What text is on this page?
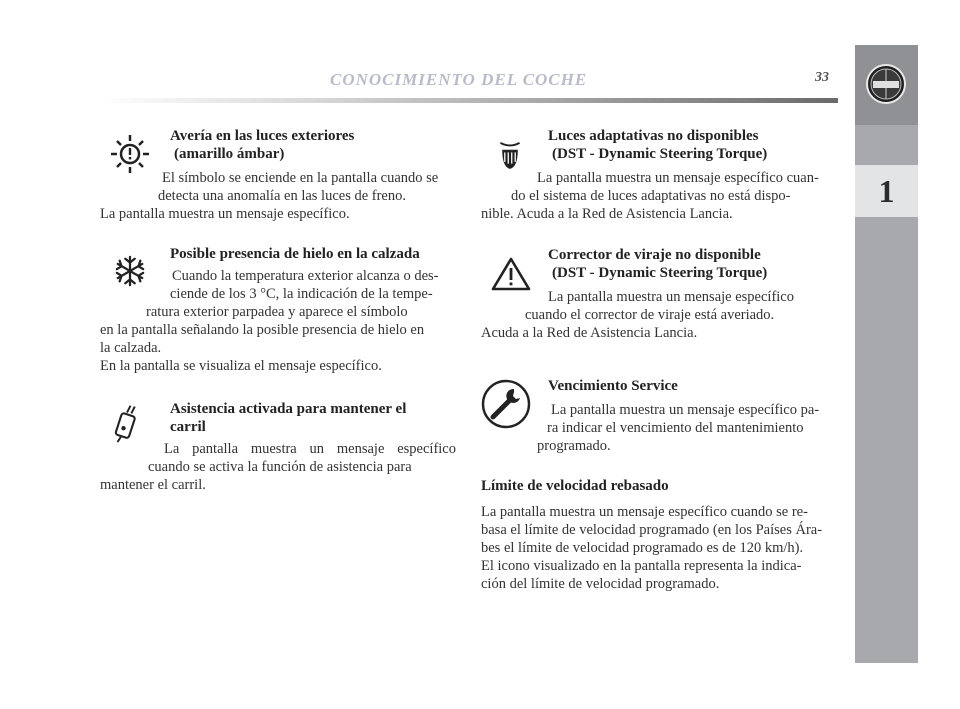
CONOCIMIENTO DEL COCHE	33
1
Avería en las luces exteriores
(amarillo ámbar)
El símbolo se enciende en la pantalla cuando se
detecta una anomalía en las luces de freno.
La pantalla muestra un mensaje específico.
Posible presencia de hielo en la calzada
Cuando la temperatura exterior alcanza o des-
ciende de los 3 °C, la indicación de la tempe-
ratura exterior parpadea y aparece el símbolo
en la pantalla señalando la posible presencia de hielo en
la calzada.
En la pantalla se visualiza el mensaje específico.
Asistencia activada para mantener el
carril
La pantalla muestra un mensaje específico
cuando se activa la función de asistencia para
mantener el carril.
Luces adaptativas no disponibles
(DST - Dynamic Steering Torque)
La pantalla muestra un mensaje específico cuan-
do el sistema de luces adaptativas no está dispo-
nible. Acuda a la Red de Asistencia Lancia.
Corrector de viraje no disponible
(DST - Dynamic Steering Torque)
La pantalla muestra un mensaje específico
cuando el corrector de viraje está averiado.
Acuda a la Red de Asistencia Lancia.
Vencimiento Service
La pantalla muestra un mensaje específico pa-
ra indicar el vencimiento del mantenimiento
programado.
Límite de velocidad rebasado
La pantalla muestra un mensaje específico cuando se re-
basa el límite de velocidad programado (en los Países Ára-
bes el límite de velocidad programado es de 120 km/h).
El icono visualizado en la pantalla representa la indica-
ción del límite de velocidad programado.
